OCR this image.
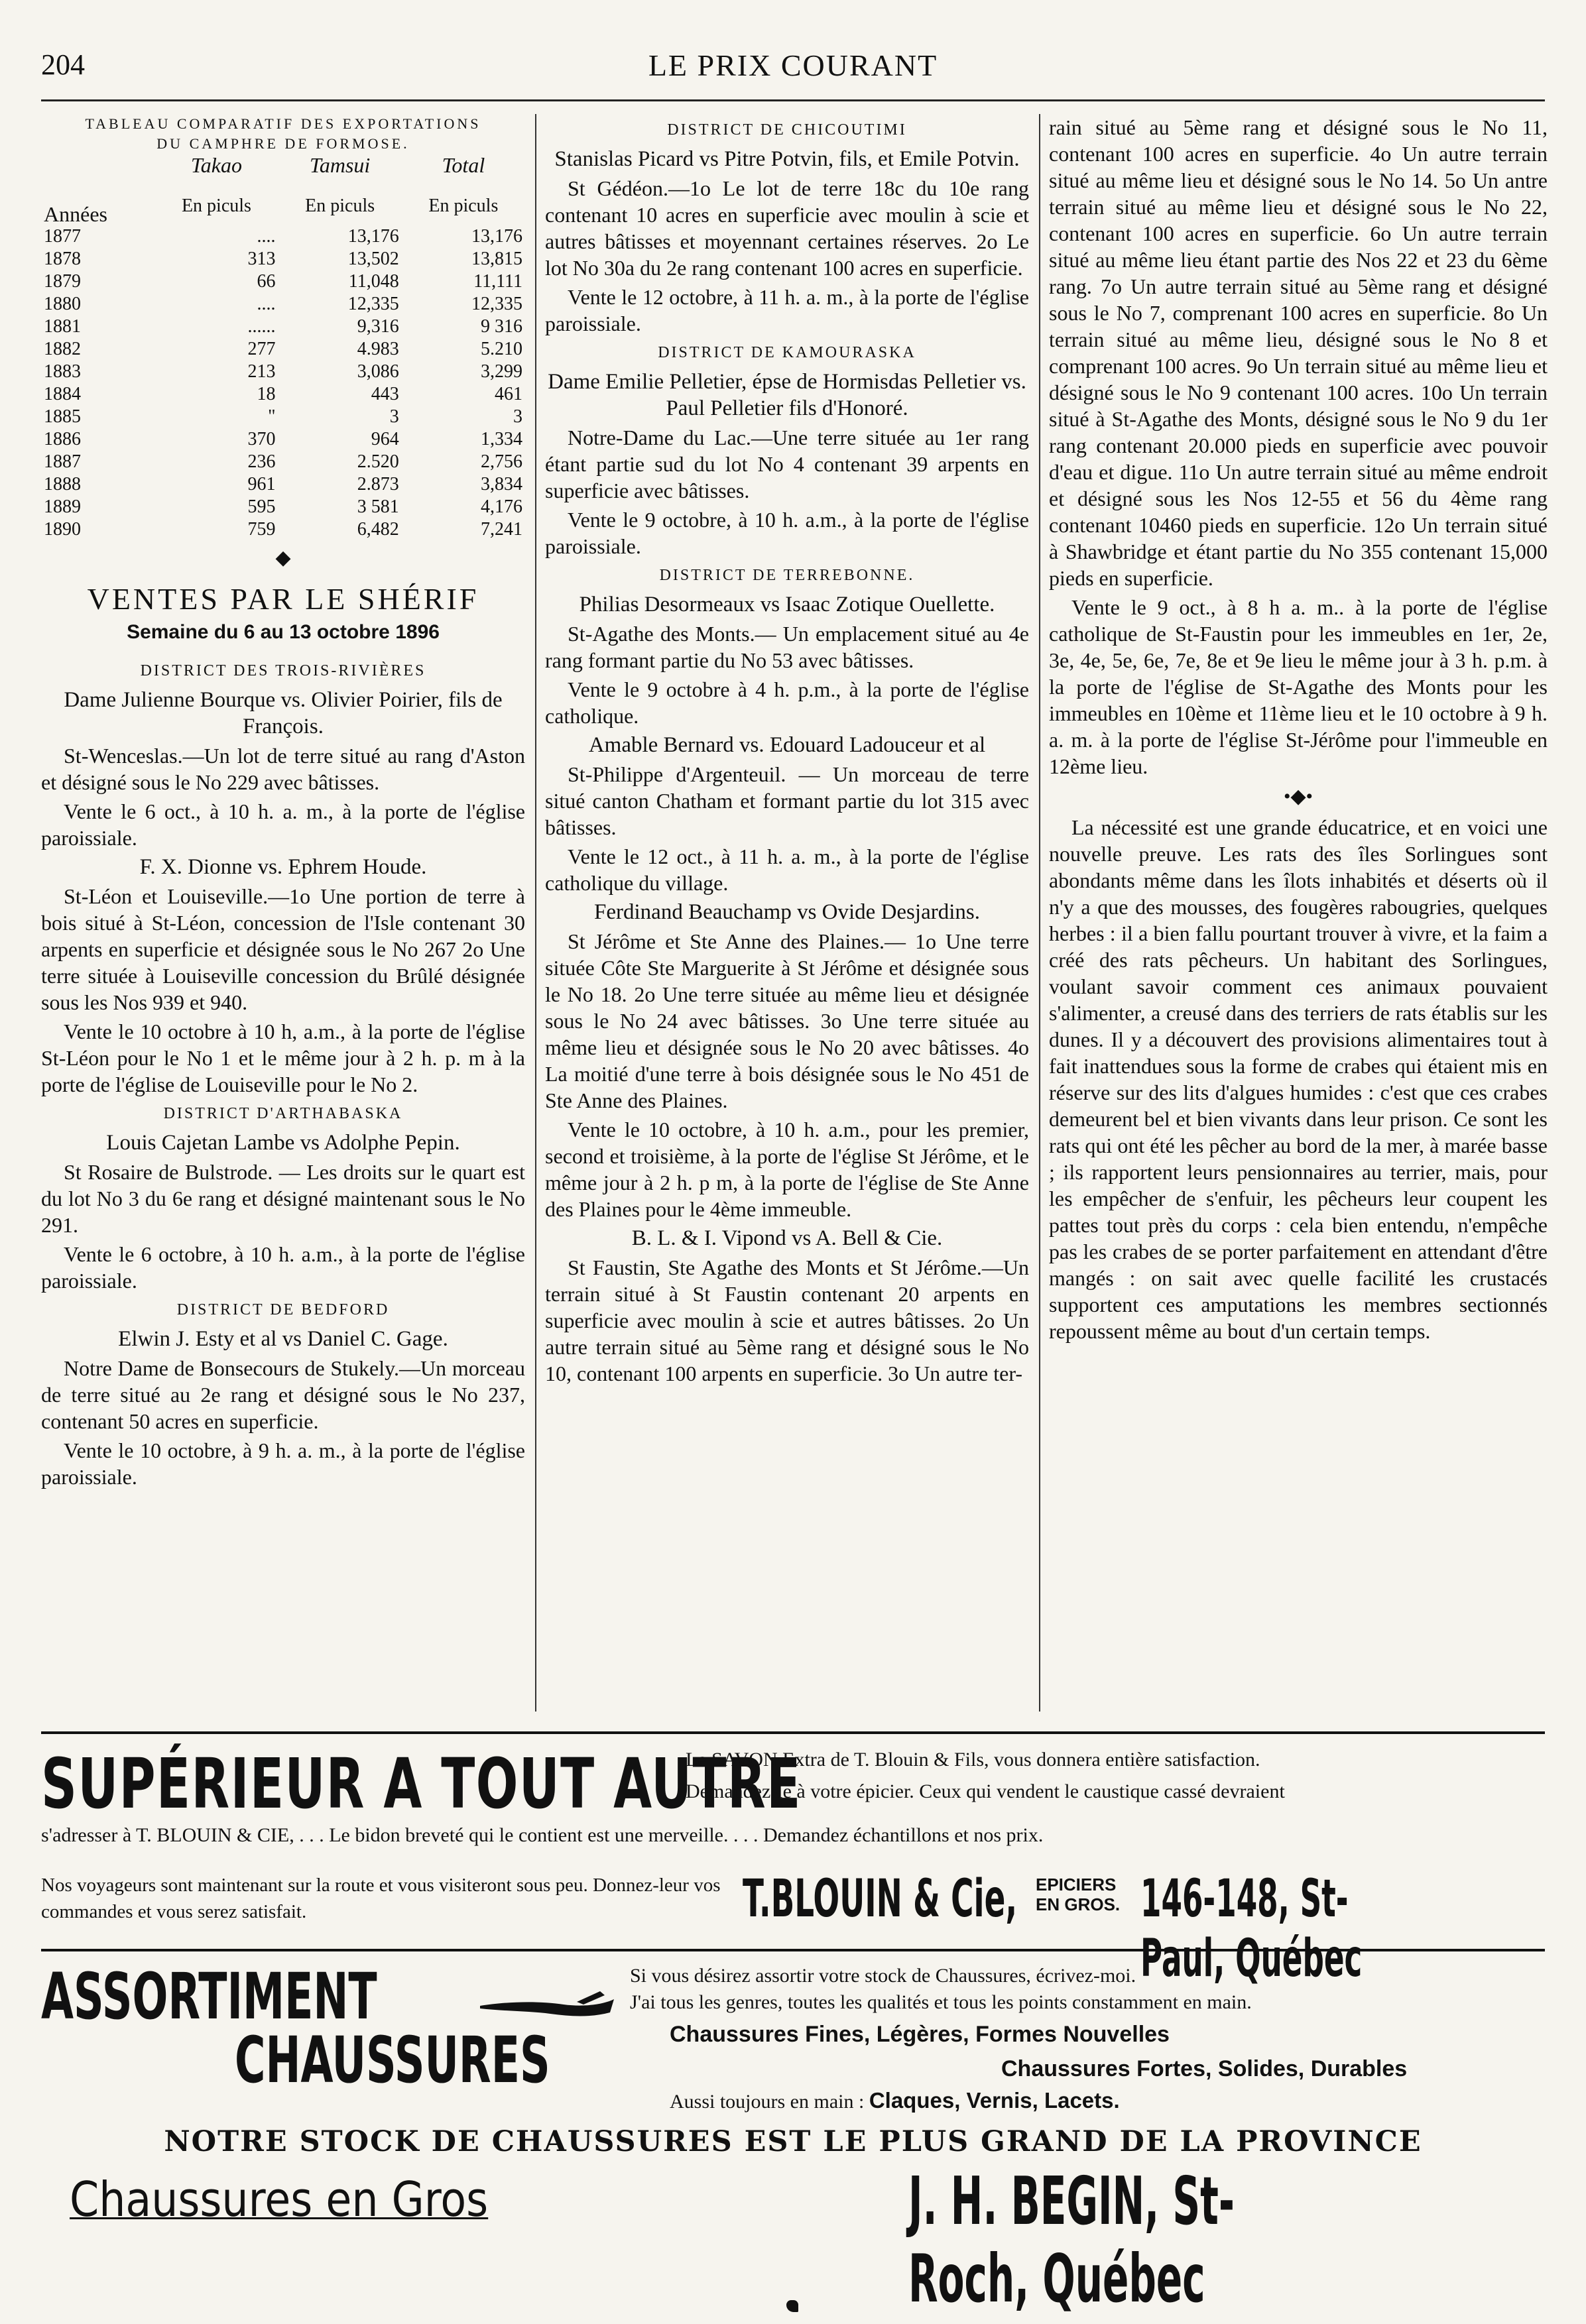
204	LE PRIX COURANT
TABLEAU COMPARATIF DES EXPORTATIONS
DU CAMPHRE DE FORMOSE.
	Takao	Tamsui	Total
Années	En piculs	En piculs	En piculs
1877	....	13,176	13,176
1878	313	13,502	13,815
1879	66	11,048	11,111
1880	....	12,335	12,335
1881	......	9,316	9 316
1882	277	4.983	5.210
1883	213	3,086	3,299
1884	18	443	461
1885	"	3	3
1886	370	964	1,334
1887	236	2.520	2,756
1888	961	2.873	3,834
1889	595	3 581	4,176
1890	759	6,482	7,241
◆
VENTES PAR LE SHÉRIF
Semaine du 6 au 13 octobre 1896

DISTRICT DES TROIS-RIVIÈRES

Dame Julienne Bourque vs. Olivier Poirier, fils de François.

St-Wenceslas.—Un lot de terre situé au rang d'Aston et désigné sous le No 229 avec bâtisses.

Vente le 6 oct., à 10 h. a. m., à la porte de l'église paroissiale.

F. X. Dionne vs. Ephrem Houde.

St-Léon et Louiseville.—1o Une portion de terre à bois situé à St-Léon, concession de l'Isle contenant 30 arpents en superficie et désignée sous le No 267 2o Une terre située à Louiseville concession du Brûlé désignée sous les Nos 939 et 940.

Vente le 10 octobre à 10 h, a.m., à la porte de l'église St-Léon pour le No 1 et le même jour à 2 h. p. m à la porte de l'église de Louiseville pour le No 2.

DISTRICT D'ARTHABASKA

Louis Cajetan Lambe vs Adolphe Pepin.

St Rosaire de Bulstrode. — Les droits sur le quart est du lot No 3 du 6e rang et désigné maintenant sous le No 291.

Vente le 6 octobre, à 10 h. a.m., à la porte de l'église paroissiale.

DISTRICT DE BEDFORD

Elwin J. Esty et al vs Daniel C. Gage.

Notre Dame de Bonsecours de Stukely.—Un morceau de terre situé au 2e rang et désigné sous le No 237, contenant 50 acres en superficie.

Vente le 10 octobre, à 9 h. a. m., à la porte de l'église paroissiale.

DISTRICT DE CHICOUTIMI

Stanislas Picard vs Pitre Potvin, fils, et Emile Potvin.

St Gédéon.—1o Le lot de terre 18c du 10e rang contenant 10 acres en superficie avec moulin à scie et autres bâtisses et moyennant certaines réserves. 2o Le lot No 30a du 2e rang contenant 100 acres en superficie.

Vente le 12 octobre, à 11 h. a. m., à la porte de l'église paroissiale.

DISTRICT DE KAMOURASKA

Dame Emilie Pelletier, épse de Hormisdas Pelletier vs. Paul Pelletier fils d'Honoré.

Notre-Dame du Lac.—Une terre située au 1er rang étant partie sud du lot No 4 contenant 39 arpents en superficie avec bâtisses.

Vente le 9 octobre, à 10 h. a.m., à la porte de l'église paroissiale.

DISTRICT DE TERREBONNE.

Philias Desormeaux vs Isaac Zotique Ouellette.

St-Agathe des Monts.— Un emplacement situé au 4e rang formant partie du No 53 avec bâtisses.

Vente le 9 octobre à 4 h. p.m., à la porte de l'église catholique.

Amable Bernard vs. Edouard Ladouceur et al

St-Philippe d'Argenteuil. — Un morceau de terre situé canton Chatham et formant partie du lot 315 avec bâtisses.

Vente le 12 oct., à 11 h. a. m., à la porte de l'église catholique du village.

Ferdinand Beauchamp vs Ovide Desjardins.

St Jérôme et Ste Anne des Plaines.— 1o Une terre située Côte Ste Marguerite à St Jérôme et désignée sous le No 18. 2o Une terre située au même lieu et désignée sous le No 24 avec bâtisses. 3o Une terre située au même lieu et désignée sous le No 20 avec bâtisses. 4o La moitié d'une terre à bois désignée sous le No 451 de Ste Anne des Plaines.

Vente le 10 octobre, à 10 h. a.m., pour les premier, second et troisième, à la porte de l'église St Jérôme, et le même jour à 2 h. p m, à la porte de l'église de Ste Anne des Plaines pour le 4ème immeuble.

B. L. & I. Vipond vs A. Bell & Cie.

St Faustin, Ste Agathe des Monts et St Jérôme.—Un terrain situé à St Faustin contenant 20 arpents en superficie avec moulin à scie et autres bâtisses. 2o Un autre terrain situé au 5ème rang et désigné sous le No 10, contenant 100 arpents en superficie. 3o Un autre ter-

rain situé au 5ème rang et désigné sous le No 11, contenant 100 acres en superficie. 4o Un autre terrain situé au même lieu et désigné sous le No 14. 5o Un antre terrain situé au même lieu et désigné sous le No 22, contenant 100 acres en superficie. 6o Un autre terrain situé au même lieu étant partie des Nos 22 et 23 du 6ème rang. 7o Un autre terrain situé au 5ème rang et désigné sous le No 7, comprenant 100 acres en superficie. 8o Un terrain situé au même lieu, désigné sous le No 8 et comprenant 100 acres. 9o Un terrain situé au même lieu et désigné sous le No 9 contenant 100 acres. 10o Un terrain situé à St-Agathe des Monts, désigné sous le No 9 du 1er rang contenant 20.000 pieds en superficie avec pouvoir d'eau et digue. 11o Un autre terrain situé au même endroit et désigné sous les Nos 12-55 et 56 du 4ème rang contenant 10460 pieds en superficie. 12o Un terrain situé à Shawbridge et étant partie du No 355 contenant 15,000 pieds en superficie.

Vente le 9 oct., à 8 h a. m.. à la porte de l'église catholique de St-Faustin pour les immeubles en 1er, 2e, 3e, 4e, 5e, 6e, 7e, 8e et 9e lieu le même jour à 3 h. p.m. à la porte de l'église de St-Agathe des Monts pour les immeubles en 10ème et 11ème lieu et le 10 octobre à 9 h. a. m. à la porte de l'église St-Jérôme pour l'immeuble en 12ème lieu.

•◆•

La nécessité est une grande éducatrice, et en voici une nouvelle preuve. Les rats des îles Sorlingues sont abondants même dans les îlots inhabités et déserts où il n'y a que des mousses, des fougères rabougries, quelques herbes : il a bien fallu pourtant trouver à vivre, et la faim a créé des rats pêcheurs. Un habitant des Sorlingues, voulant savoir comment ces animaux pouvaient s'alimenter, a creusé dans des terriers de rats établis sur les dunes. Il y a découvert des provisions alimentaires tout à fait inattendues sous la forme de crabes qui étaient mis en réserve sur des lits d'algues humides : c'est que ces crabes demeurent bel et bien vivants dans leur prison. Ce sont les rats qui ont été les pêcher au bord de la mer, à marée basse ; ils rapportent leurs pensionnaires au terrier, mais, pour les empêcher de s'enfuir, les pêcheurs leur coupent les pattes tout près du corps : cela bien entendu, n'empêche pas les crabes de se porter parfaitement en attendant d'être mangés : on sait avec quelle facilité les crustacés supportent ces amputations les membres sectionnés repoussent même au bout d'un certain temps.

SUPÉRIEUR A TOUT AUTRE
Le SAVON Extra de T. Blouin & Fils, vous donnera entière satisfaction.
Demandez-le à votre épicier. Ceux qui vendent le caustique cassé devraient
s'adresser à T. BLOUIN & CIE, . . . Le bidon breveté qui le contient est une merveille. . . . Demandez échantillons et nos prix.
Nos voyageurs sont maintenant sur la route et vous visiteront sous peu. Donnez-leur vos commandes et vous serez satisfait.	T.BLOUIN & Cie, EPICIERS
EN GROS. 146-148, St-Paul, Québec
ASSORTIMENT
CHAUSSURES
Si vous désirez assortir votre stock de Chaussures, écrivez-moi.
J'ai tous les genres, toutes les qualités et tous les points constamment en main.
Chaussures Fines, Légères, Formes Nouvelles
Chaussures Fortes, Solides, Durables
Aussi toujours en main : Claques, Vernis, Lacets.
NOTRE STOCK DE CHAUSSURES EST LE PLUS GRAND DE LA PROVINCE
Chaussures en Gros	J. H. BEGIN, St-Roch, Québec
